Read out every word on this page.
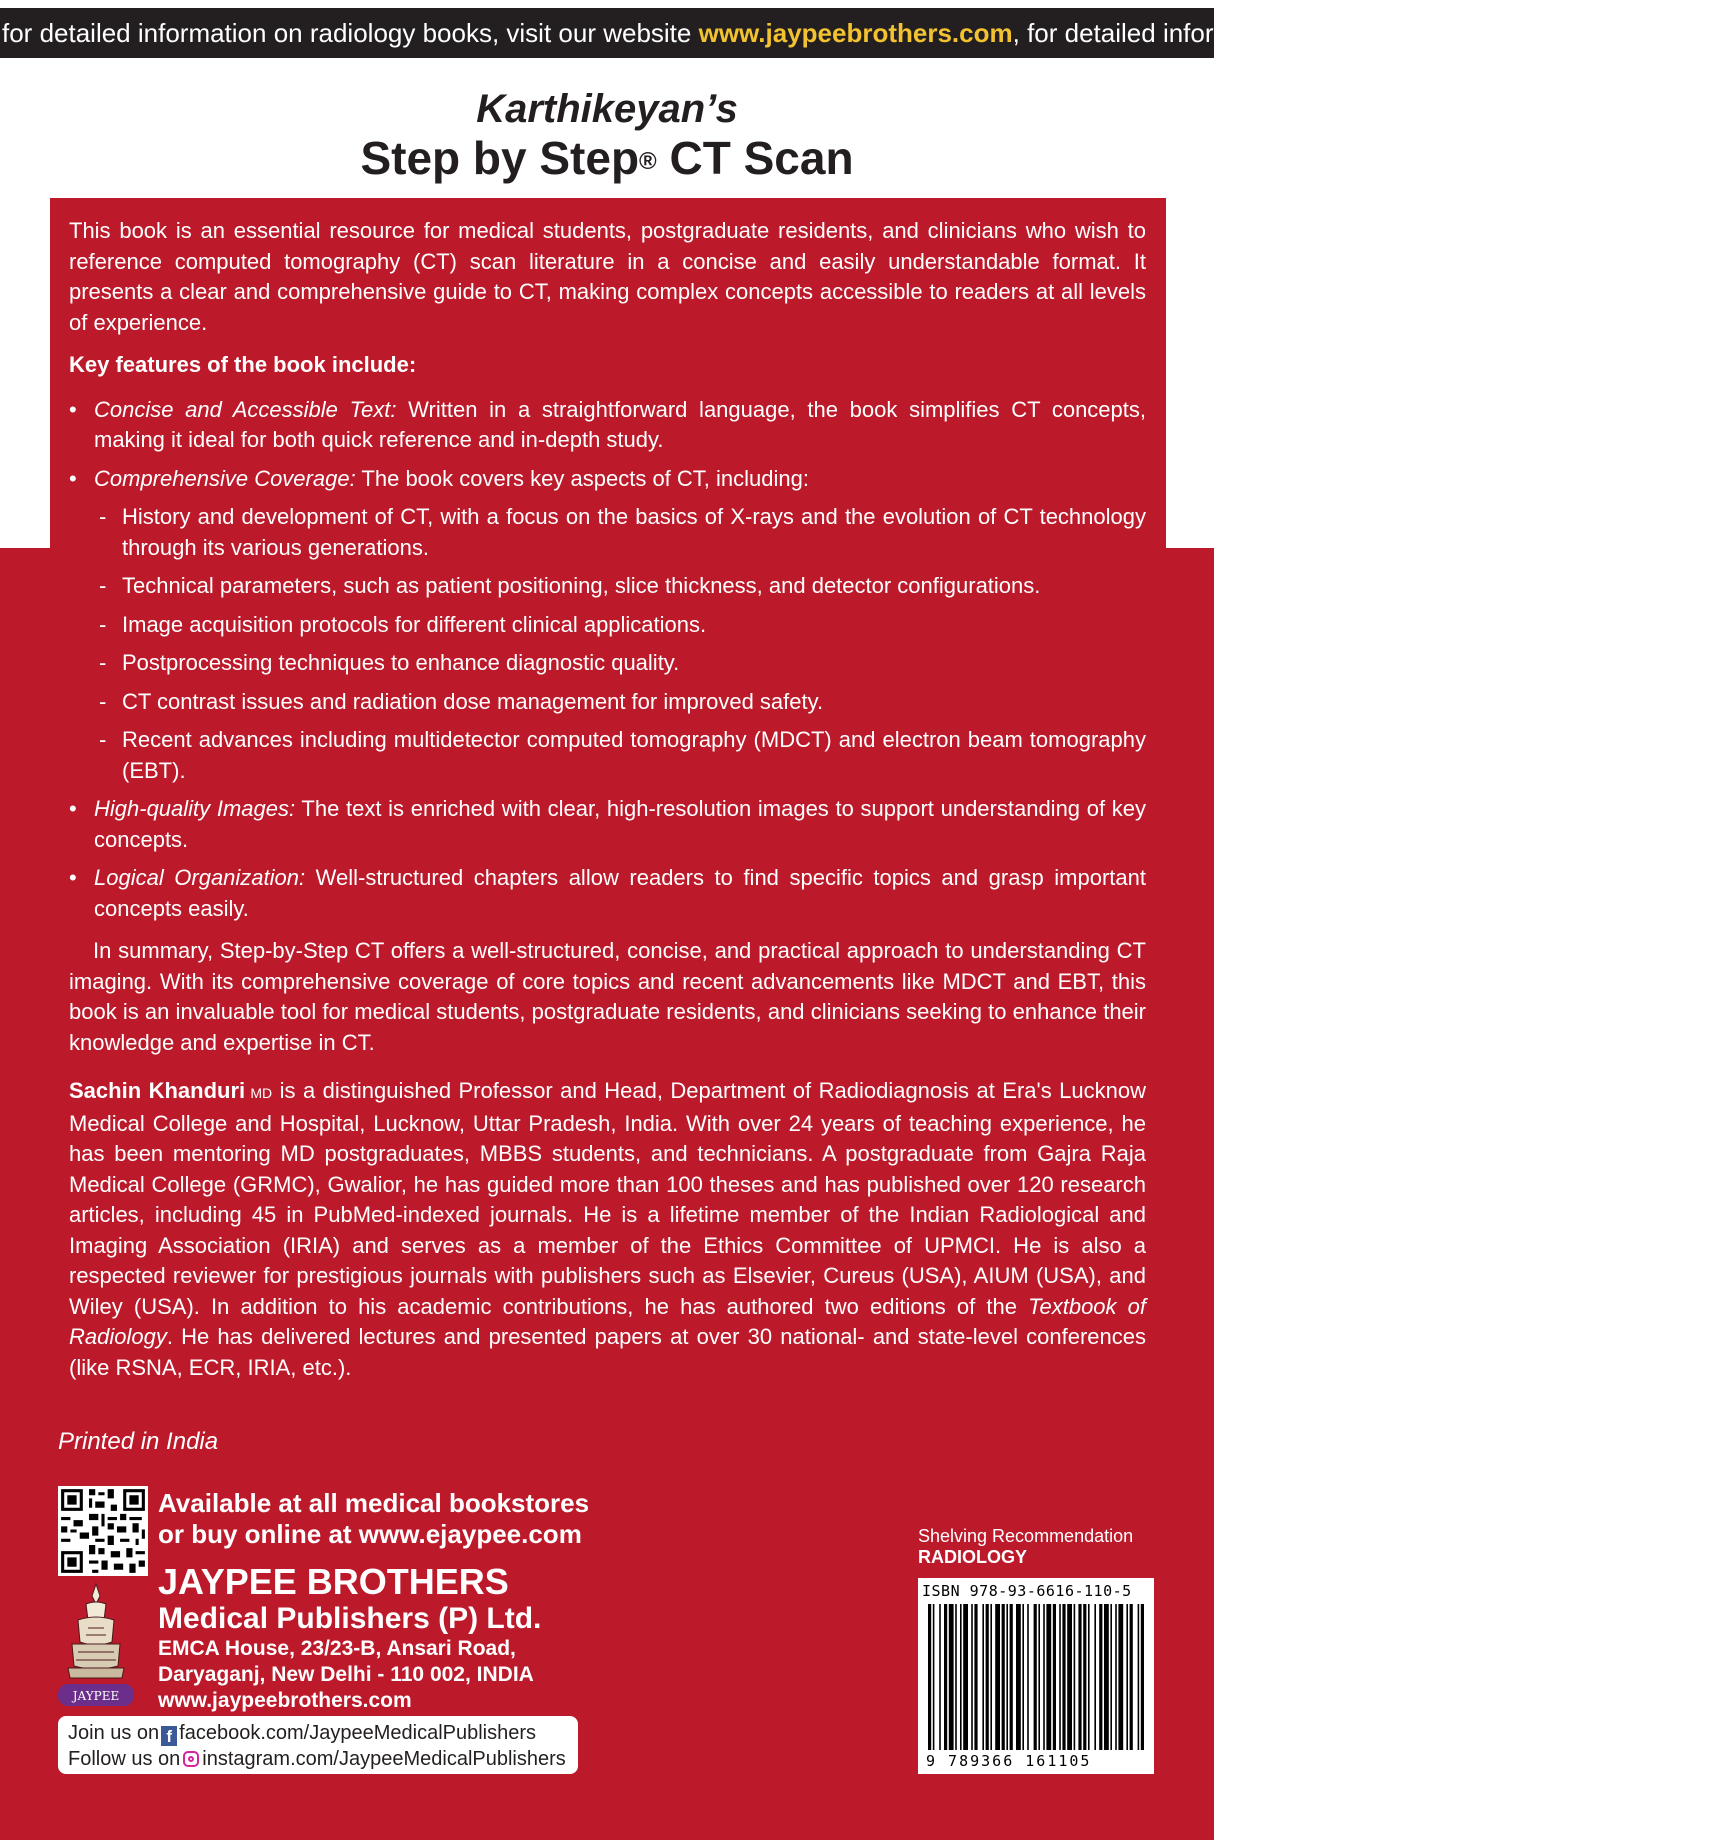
for detailed information on radiology books, visit our website www.jaypeebrothers.com, for detailed information on radiology books, visit our website
Karthikeyan’s
Step by Step® CT Scan

This book is an essential resource for medical students, postgraduate residents, and clinicians who wish to reference computed tomography (CT) scan literature in a concise and easily understandable format. It presents a clear and comprehensive guide to CT, making complex concepts accessible to readers at all levels of experience.

Key features of the book include:

• Concise and Accessible Text: Written in a straightforward language, the book simplifies CT concepts, making it ideal for both quick reference and in-depth study.
• Comprehensive Coverage: The book covers key aspects of CT, including:
- History and development of CT, with a focus on the basics of X-rays and the evolution of CT technology through its various generations.
- Technical parameters, such as patient positioning, slice thickness, and detector configurations.
- Image acquisition protocols for different clinical applications.
- Postprocessing techniques to enhance diagnostic quality.
- CT contrast issues and radiation dose management for improved safety.
- Recent advances including multidetector computed tomography (MDCT) and electron beam tomography (EBT).
• High-quality Images: The text is enriched with clear, high-resolution images to support understanding of key concepts.
• Logical Organization: Well-structured chapters allow readers to find specific topics and grasp important concepts easily.

In summary, Step-by-Step CT offers a well-structured, concise, and practical approach to understanding CT imaging. With its comprehensive coverage of core topics and recent advancements like MDCT and EBT, this book is an invaluable tool for medical students, postgraduate residents, and clinicians seeking to enhance their knowledge and expertise in CT.

Sachin Khanduri MD is a distinguished Professor and Head, Department of Radiodiagnosis at Era's Lucknow Medical College and Hospital, Lucknow, Uttar Pradesh, India. With over 24 years of teaching experience, he has been mentoring MD postgraduates, MBBS students, and technicians. A postgraduate from Gajra Raja Medical College (GRMC), Gwalior, he has guided more than 100 theses and has published over 120 research articles, including 45 in PubMed-indexed journals. He is a lifetime member of the Indian Radiological and Imaging Association (IRIA) and serves as a member of the Ethics Committee of UPMCI. He is also a respected reviewer for prestigious journals with publishers such as Elsevier, Cureus (USA), AIUM (USA), and Wiley (USA). In addition to his academic contributions, he has authored two editions of the Textbook of Radiology. He has delivered lectures and presented papers at over 30 national- and state-level conferences (like RSNA, ECR, IRIA, etc.).

Printed in India
Available at all medical bookstores
or buy online at www.ejaypee.com
JAYPEE
JAYPEE BROTHERS
Medical Publishers (P) Ltd.
EMCA House, 23/23-B, Ansari Road,
Daryaganj, New Delhi - 110 002, INDIA
www.jaypeebrothers.com
Join us on f facebook.com/JaypeeMedicalPublishers
Follow us on instagram.com/JaypeeMedicalPublishers
Shelving Recommendation
RADIOLOGY
ISBN 978-93-6616-110-5
9 789366 161105
